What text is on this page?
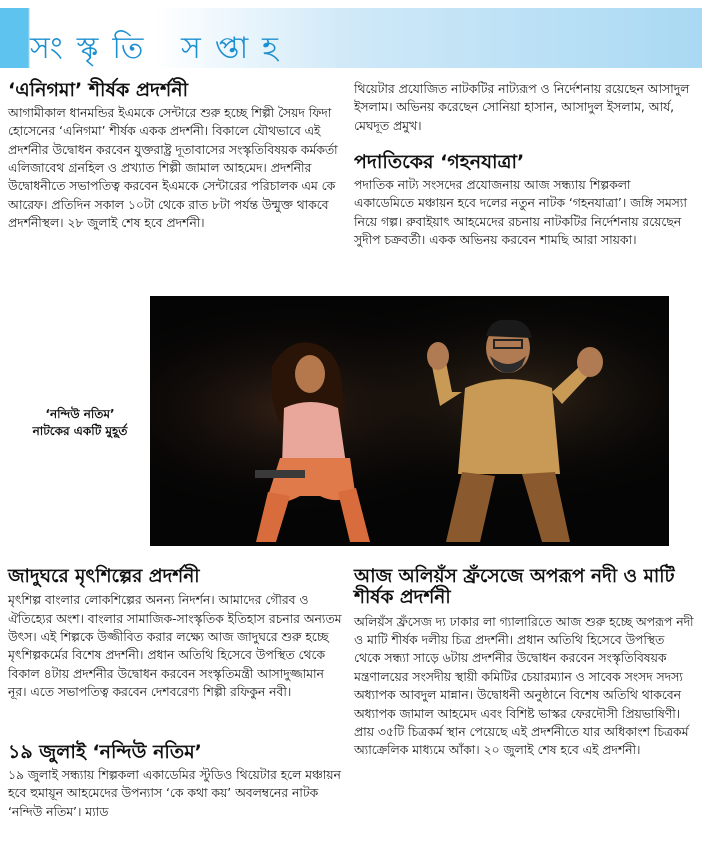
সংস্কৃতি সপ্তাহ
‘এনিগমা’ শীর্ষক প্রদর্শনী

আগামীকাল ধানমন্ডির ইএমকে সেন্টারে শুরু হচ্ছে শিল্পী সৈয়দ ফিদা হোসেনের ‘এনিগমা’ শীর্ষক একক প্রদর্শনী। বিকালে যৌথভাবে এই প্রদর্শনীর উদ্বোধন করবেন যুক্তরাষ্ট্র দূতাবাসের সংস্কৃতিবিষয়ক কর্মকর্তা এলিজাবেথ গ্রনহিল ও প্রখ্যাত শিল্পী জামাল আহমেদ। প্রদর্শনীর উদ্বোধনীতে সভাপতিত্ব করবেন ইএমকে সেন্টারের পরিচালক এম কে আরেফ। প্রতিদিন সকাল ১০টা থেকে রাত ৮টা পর্যন্ত উন্মুক্ত থাকবে প্রদর্শনীস্থল। ২৮ জুলাই শেষ হবে প্রদর্শনী।

থিয়েটার প্রযোজিত নাটকটির নাট্যরূপ ও নির্দেশনায় রয়েছেন আসাদুল ইসলাম। অভিনয় করেছেন সোনিয়া হাসান, আসাদুল ইসলাম, আর্য, মেঘদূত প্রমুখ।

পদাতিকের ‘গহনযাত্রা’

পদাতিক নাট্য সংসদের প্রযোজনায় আজ সন্ধ্যায় শিল্পকলা একাডেমিতে মঞ্চায়ন হবে দলের নতুন নাটক ‘গহনযাত্রা’। জঙ্গি সমস্যা নিয়ে গল্প। রুবাইয়াৎ আহমেদের রচনায় নাটকটির নির্দেশনায় রয়েছেন সুদীপ চক্রবর্তী। একক অভিনয় করবেন শামছি আরা সায়কা।

‘নন্দিউ নতিম’
নাটকের একটি মুহূর্ত
জাদুঘরে মৃৎশিল্পের প্রদর্শনী

মৃৎশিল্প বাংলার লোকশিল্পের অনন্য নিদর্শন। আমাদের গৌরব ও ঐতিহ্যের অংশ। বাংলার সামাজিক-সাংস্কৃতিক ইতিহাস রচনার অন্যতম উৎস। এই শিল্পকে উজ্জীবিত করার লক্ষ্যে আজ জাদুঘরে শুরু হচ্ছে মৃৎশিল্পকর্মের বিশেষ প্রদর্শনী। প্রধান অতিথি হিসেবে উপস্থিত থেকে বিকাল ৪টায় প্রদর্শনীর উদ্বোধন করবেন সংস্কৃতিমন্ত্রী আসাদুজ্জামান নূর। এতে সভাপতিত্ব করবেন দেশবরেণ্য শিল্পী রফিকুন নবী।

১৯ জুলাই ‘নন্দিউ নতিম’

১৯ জুলাই সন্ধ্যায় শিল্পকলা একাডেমির স্টুডিও থিয়েটার হলে মঞ্চায়ন হবে হুমায়ূন আহমেদের উপন্যাস ‘কে কথা কয়’ অবলম্বনের নাটক ‘নন্দিউ নতিম’। ম্যাড

আজ অলিয়ঁস ফ্রঁসেজে অপরূপ নদী ও মাটি শীর্ষক প্রদর্শনী

অলিয়ঁস ফ্রঁসেজ দ্য ঢাকার লা গ্যালারিতে আজ শুরু হচ্ছে অপরূপ নদী ও মাটি শীর্ষক দলীয় চিত্র প্রদর্শনী। প্রধান অতিথি হিসেবে উপস্থিত থেকে সন্ধ্যা সাড়ে ৬টায় প্রদর্শনীর উদ্বোধন করবেন সংস্কৃতিবিষয়ক মন্ত্রণালয়ের সংসদীয় স্থায়ী কমিটির চেয়ারম্যান ও সাবেক সংসদ সদস্য অধ্যাপক আবদুল মান্নান। উদ্বোধনী অনুষ্ঠানে বিশেষ অতিথি থাকবেন অধ্যাপক জামাল আহমেদ এবং বিশিষ্ট ভাস্কর ফেরদৌসী প্রিয়ভাষিণী। প্রায় ৩৫টি চিত্রকর্ম স্থান পেয়েছে এই প্রদর্শনীতে যার অধিকাংশ চিত্রকর্ম অ্যাক্রেলিক মাধ্যমে আঁকা। ২০ জুলাই শেষ হবে এই প্রদর্শনী।
